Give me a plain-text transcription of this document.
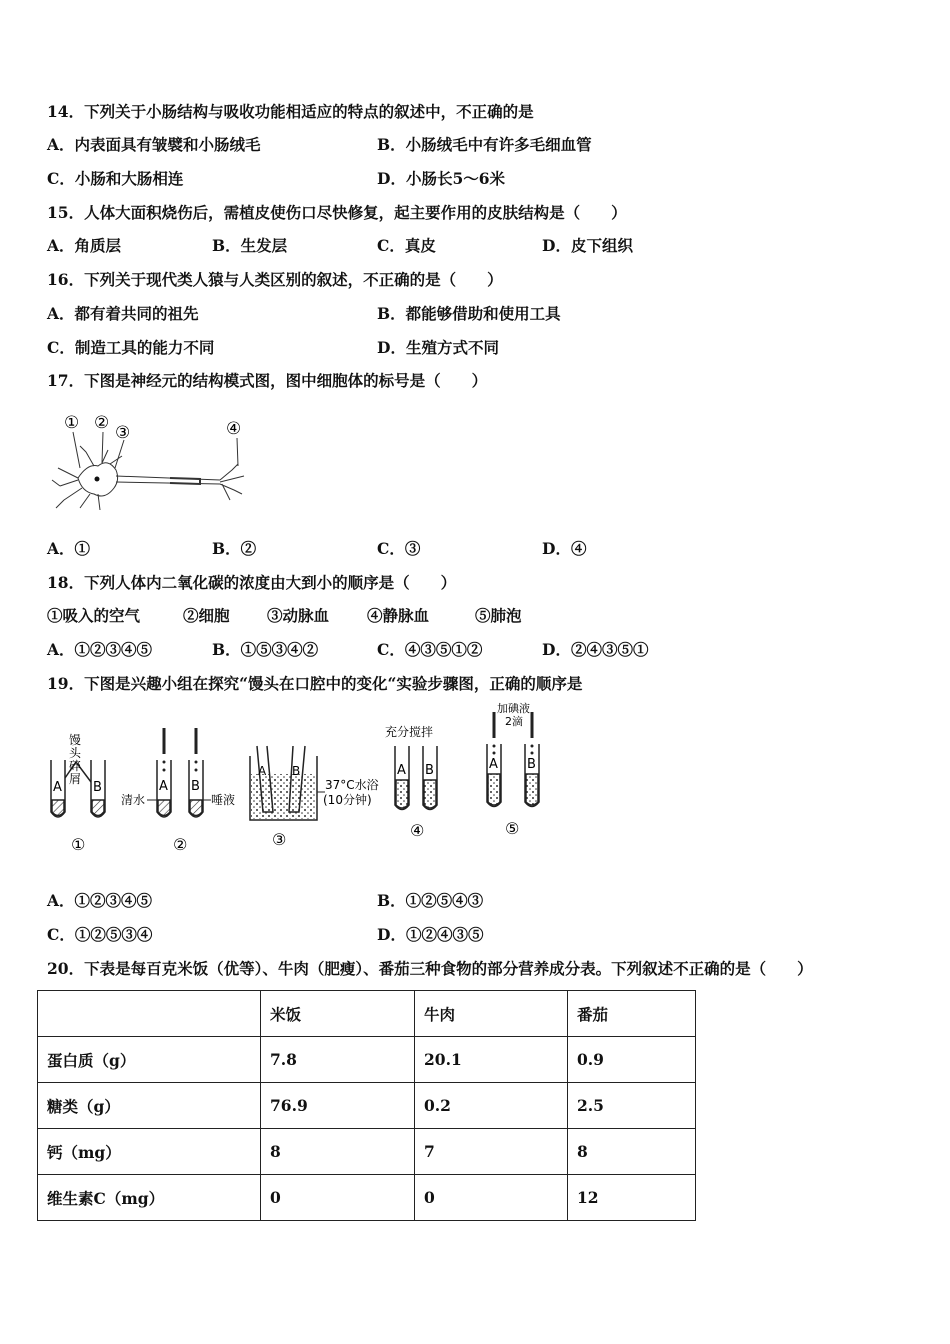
14．下列关于小肠结构与吸收功能相适应的特点的叙述中，不正确的是
A．内表面具有皱襞和小肠绒毛	B．小肠绒毛中有许多毛细血管
C．小肠和大肠相连	D．小肠长5～6米
15．人体大面积烧伤后，需植皮使伤口尽快修复，起主要作用的皮肤结构是（　　）
A．角质层	B．生发层	C．真皮	D．皮下组织
16．下列关于现代类人猿与人类区别的叙述，不正确的是（　　）
A．都有着共同的祖先	B．都能够借助和使用工具
C．制造工具的能力不同	D．生殖方式不同
17．下图是神经元的结构模式图，图中细胞体的标号是（　　）
① ② ③	④
A．①	B．②	C．③	D．④
18．下列人体内二氧化碳的浓度由大到小的顺序是（　　）
①吸入的空气	②细胞 ③动脉血 ④静脉血	⑤肺泡
A．①②③④⑤	B．①⑤③④②	C．④③⑤①②	D．②④③⑤①
19．下图是兴趣小组在探究“馒头在口腔中的变化“实验步骤图，正确的顺序是
馒
头
碎
屑
A B
①
A B
清水	唾液
②
A B
37°C水浴
(10分钟)
③
充分搅拌
A B
④
加碘液
2滴
A B
⑤
A．①②③④⑤	B．①②⑤④③
C．①②⑤③④	D．①②④③⑤
20．下表是每百克米饭（优等）、牛肉（肥瘦）、番茄三种食物的部分营养成分表。下列叙述不正确的是（　　）
	米饭	牛肉	番茄
蛋白质（g）	7.8	20.1	0.9
糖类（g）	76.9	0.2	2.5
钙（mg）	8	7	8
维生素C（mg）	0	0	12
